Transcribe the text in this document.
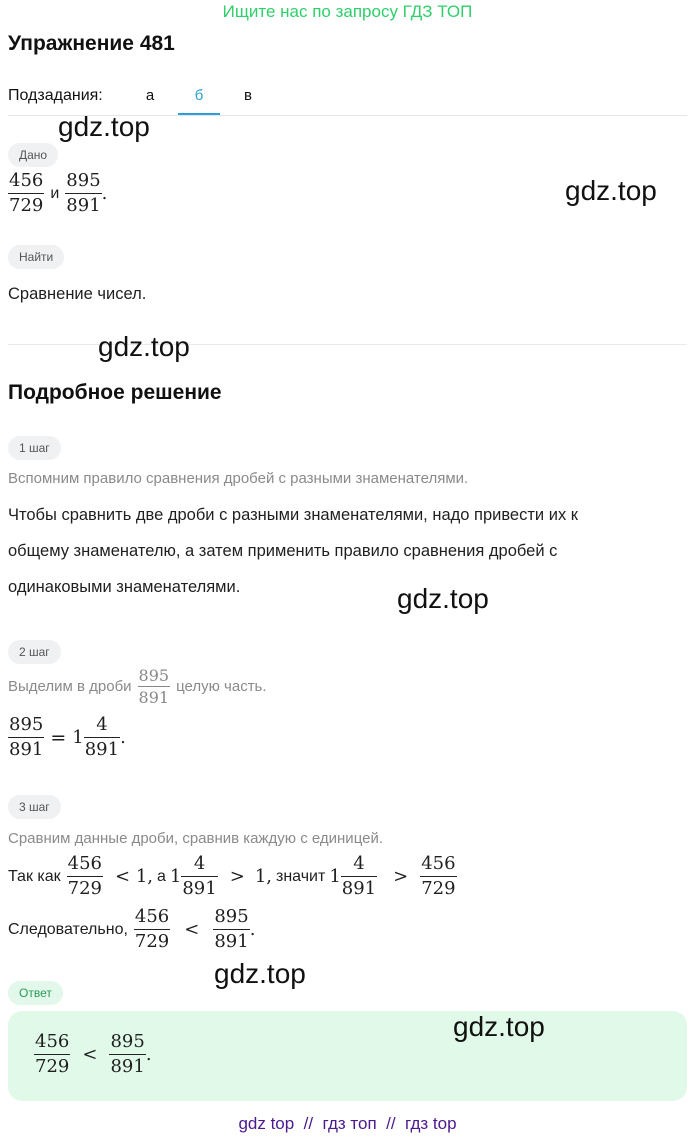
Ищите нас по запросу ГДЗ ТОП
Упражнение 481
Подзадания:	а	б	в
Дано
$\frac{456}{729}$ и $\frac{895}{891}$ .
Найти
Сравнение чисел.
Подробное решение
1 шаг
Вспомним правило сравнения дробей с разными знаменателями.
Чтобы сравнить две дроби с разными знаменателями, надо привести их к
общему знаменателю, а затем применить правило сравнения дробей с
одинаковыми знаменателями.
2 шаг
Выделим в дроби $\frac{895}{891}$ целую часть.
$\frac{895}{891} = 1 \frac{4}{891}$ .
3 шаг
Сравним данные дроби, сравнив каждую с единицей.
Так как $\frac{456}{729} < 1$, а $1 \frac{4}{891} > 1$, значит $1 \frac{4}{891} > \frac{456}{729}$
Следовательно, $\frac{456}{729} < \frac{895}{891}$ .
Ответ
$\frac{456}{729} < \frac{895}{891}$ .
gdz.top
gdz.top
gdz.top
gdz.top
gdz.top
gdz.top
gdz top  //  гдз топ  //  гдз top
